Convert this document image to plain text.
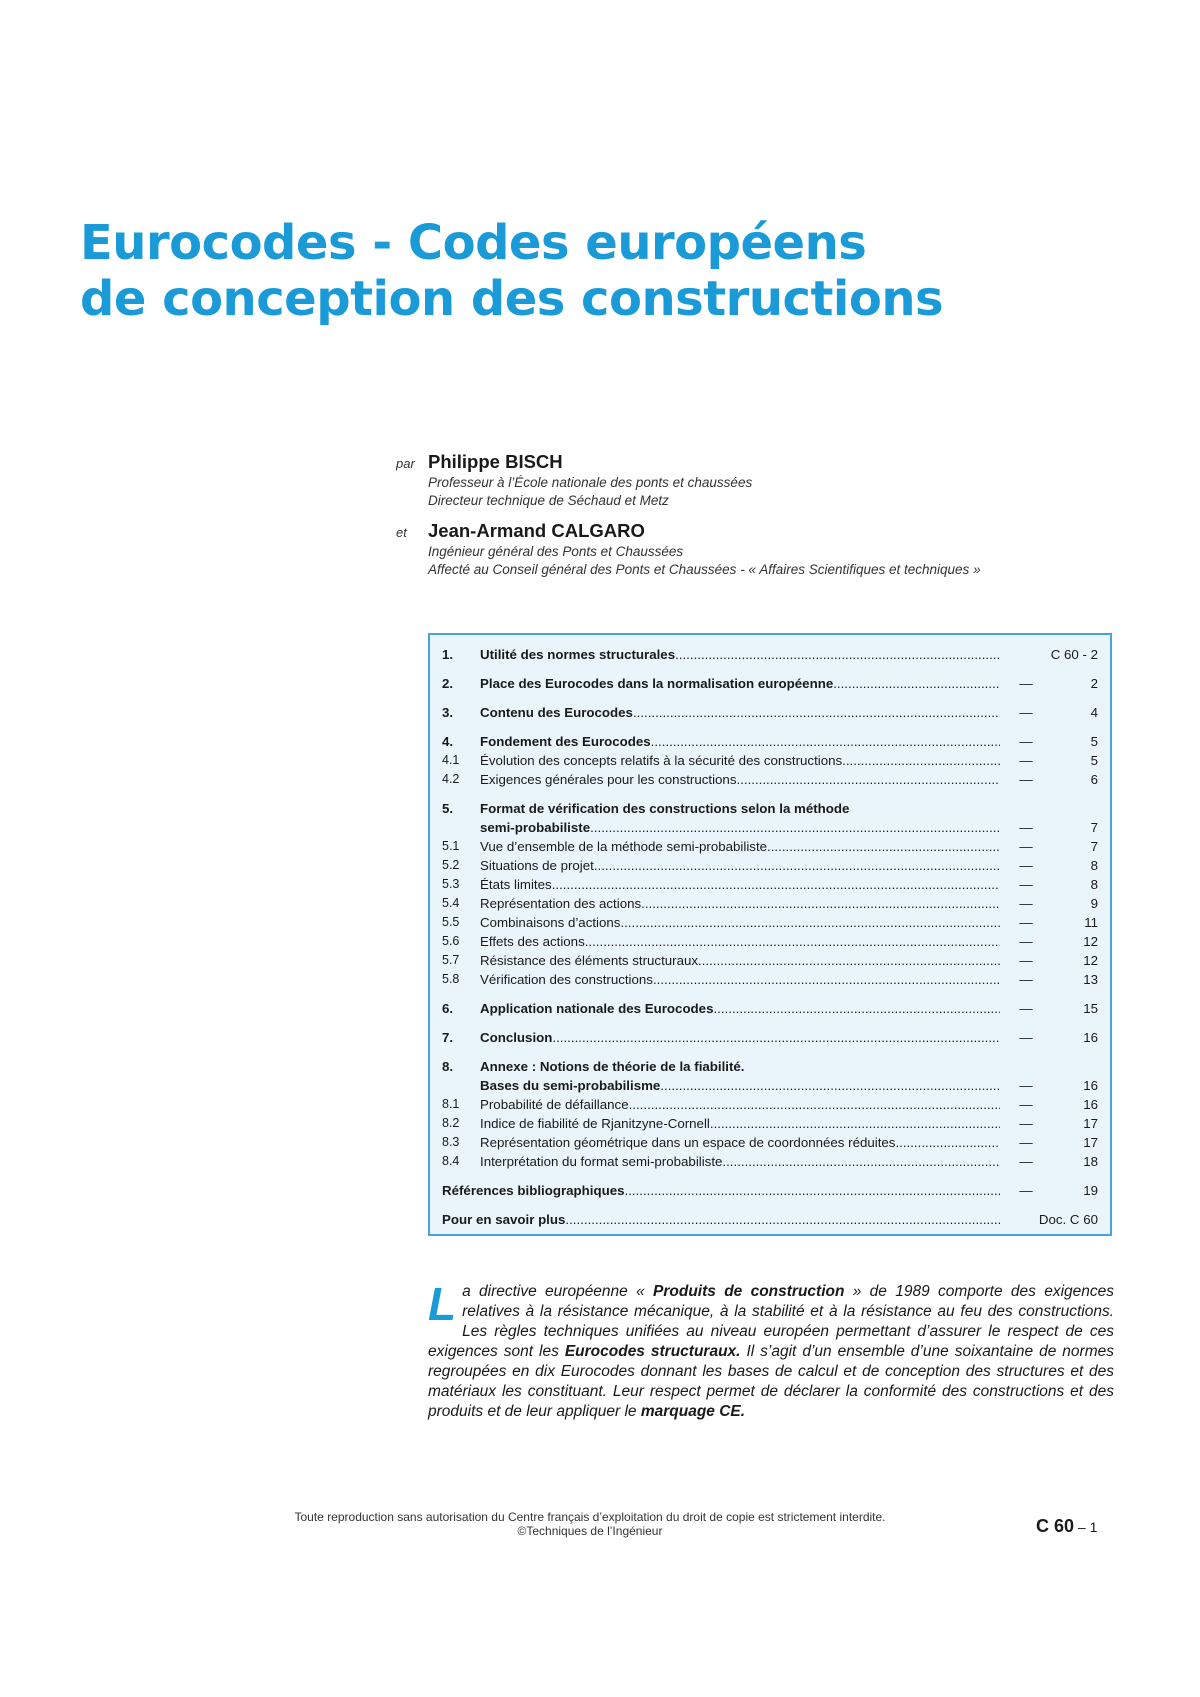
Eurocodes - Codes européens
de conception des constructions
par Philippe BISCH
Professeur à l’École nationale des ponts et chaussées
Directeur technique de Séchaud et Metz
et Jean-Armand CALGARO
Ingénieur général des Ponts et Chaussées
Affecté au Conseil général des Ponts et Chaussées - « Affaires Scientifiques et techniques »
1.	Utilité des normes structurales .....	C 60 - 2
2.	Place des Eurocodes dans la normalisation européenne .....	—	2
3.	Contenu des Eurocodes .....	—	4
4.	Fondement des Eurocodes .....	—	5
4.1	Évolution des concepts relatifs à la sécurité des constructions .....	—	5
4.2	Exigences générales pour les constructions .....	—	6
5.	Format de vérification des constructions selon la méthode
semi-probabiliste .....	—	7
5.1	Vue d’ensemble de la méthode semi-probabiliste .....	—	7
5.2	Situations de projet .....	—	8
5.3	États limites .....	—	8
5.4	Représentation des actions .....	—	9
5.5	Combinaisons d’actions .....	—	11
5.6	Effets des actions .....	—	12
5.7	Résistance des éléments structuraux .....	—	12
5.8	Vérification des constructions .....	—	13
6.	Application nationale des Eurocodes .....	—	15
7.	Conclusion .....	—	16
8.	Annexe : Notions de théorie de la fiabilité.
Bases du semi-probabilisme .....	—	16
8.1	Probabilité de défaillance .....	—	16
8.2	Indice de fiabilité de Rjanitzyne-Cornell .....	—	17
8.3	Représentation géométrique dans un espace de coordonnées réduites .....	—	17
8.4	Interprétation du format semi-probabiliste .....	—	18
Références bibliographiques .....	—	19
Pour en savoir plus .....	Doc. C 60
La directive européenne « Produits de construction » de 1989 comporte des exigences relatives à la résistance mécanique, à la stabilité et à la résistance au feu des constructions. Les règles techniques unifiées au niveau européen permettant d’assurer le respect de ces exigences sont les Eurocodes structuraux. Il s’agit d’un ensemble d’une soixantaine de normes regroupées en dix Eurocodes donnant les bases de calcul et de conception des structures et des matériaux les constituant. Leur respect permet de déclarer la conformité des constructions et des produits et de leur appliquer le marquage CE.
Toute reproduction sans autorisation du Centre français d’exploitation du droit de copie est strictement interdite.
©Techniques de l’Ingénieur	C 60 – 1
